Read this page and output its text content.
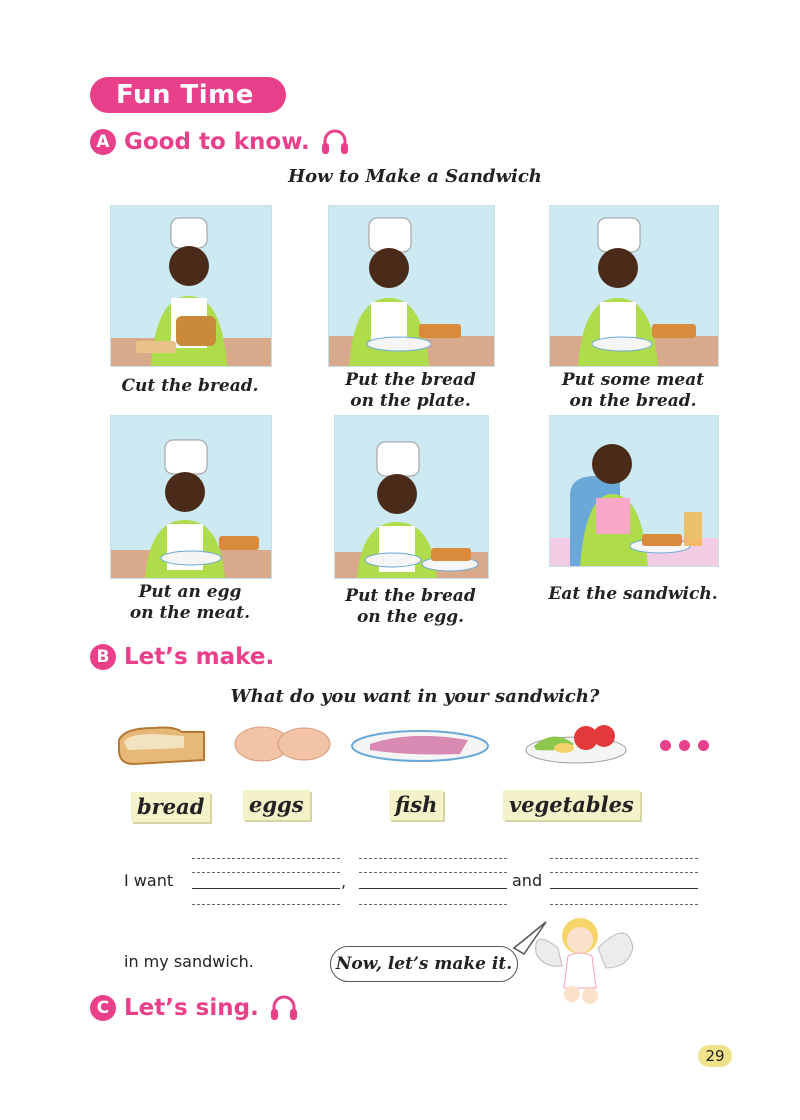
Fun Time
A Good to know.
How to Make a Sandwich
Cut the bread.	Put the bread
on the plate.
Put some meat
on the bread.
Put an egg
on the meat.
Put the bread
on the egg.
Eat the sandwich.
B Let’s make.
What do you want in your sandwich?
bread eggs	fish	vegetables
I want	,	and
in my sandwich.	Now, let’s make it.
C Let’s sing.
29
